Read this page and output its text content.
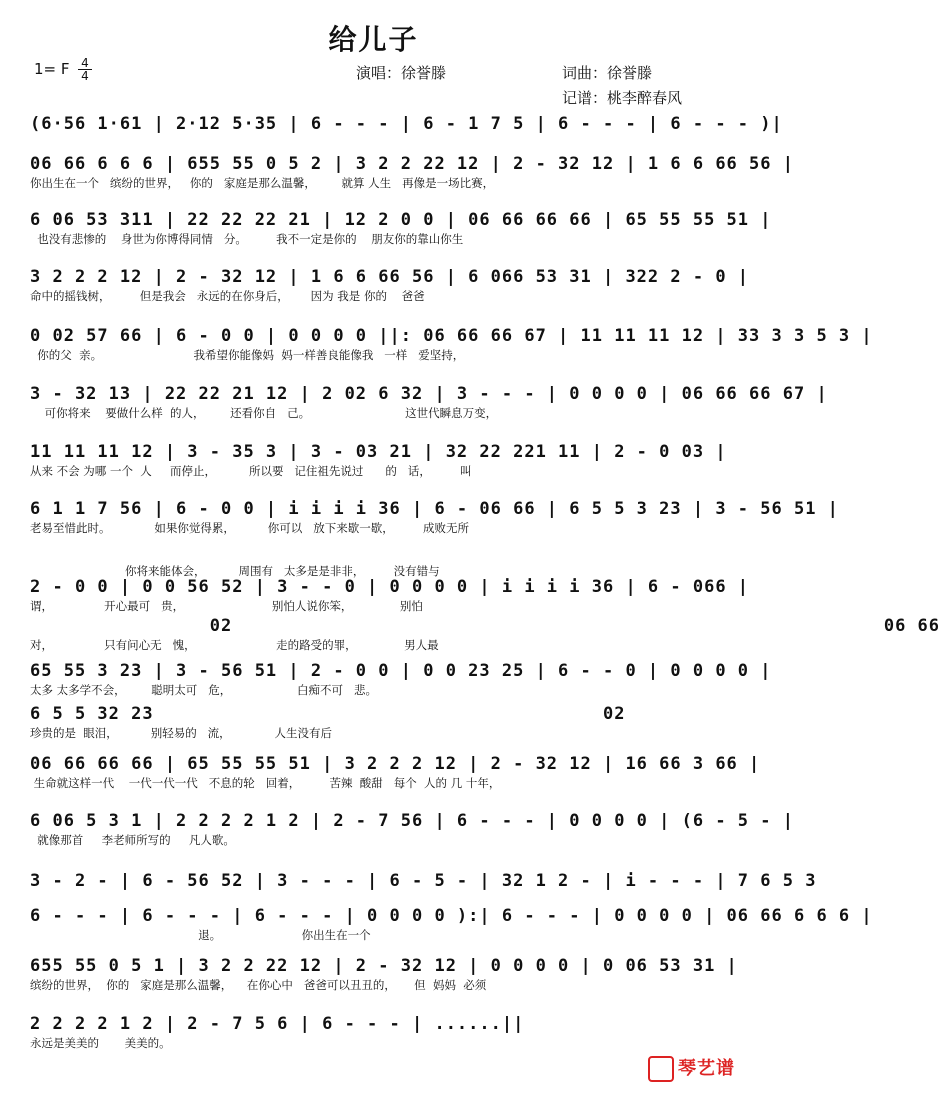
给儿子
1= F 4
4	演唱：徐誉滕	词曲：徐誉滕
记谱：桃李醉春风
(6·56 1·61 | 2·12 5·35 | 6 - - - | 6 - 1 7 5 | 6 - - - | 6 - - - )|
06 66 6 6 6 | 655 55 0 5 2 | 3 2 2 22 12 | 2 - 32 12 | 1 6 6 66 56 |
你出生在一个   缤纷的世界，   你的   家庭是那么温馨，       就算 人生   再像是一场比赛，
6 06 53 311 | 22 22 22 21 | 12 2 0 0 | 06 66 66 66 | 65 55 55 51 |
也没有悲惨的    身世为你博得同情   分。        我不一定是你的    朋友你的靠山你生
3 2 2 2 12 | 2 - 32 12 | 1 6 6 66 56 | 6 066 53 31 | 322 2 - 0 |
命中的摇钱树，        但是我会   永远的在你身后，      因为 我是 你的    爸爸
0 02 57 66 | 6 - 0 0 | 0 0 0 0 ||: 06 66 66 67 | 11 11 11 12 | 33 3 3 5 3 |
你的父  亲。                         我希望你能像妈  妈一样善良能像我   一样   爱坚持，
3 - 32 13 | 22 22 21 12 | 2 02 6 32 | 3 - - - | 0 0 0 0 | 06 66 66 67 |
可你将来    要做什么样  的人，       还看你自   己。                          这世代瞬息万变，
11 11 11 12 | 3 - 35 3 | 3 - 03 21 | 32 22 221 11 | 2 - 0 03 |
从来 不会 为哪 一个  人     而停止，         所以要   记住祖先说过      的   话，        叫
6 1 1 7 56 | 6 - 0 0 | i i i i 36 | 6 - 06 66 | 6 5 5 3 23 | 3 - 56 51 |
老易至惜此时。            如果你觉得累，         你可以   放下来歇一歇，        成败无所
你将来能体会，         周围有   太多是是非非，        没有错与
2 - 0 0 | 0 0 56 52 | 3 - - 0 | 0 0 0 0 | i i i i 36 | 6 - 066 |
谓，              开心最可   贵，                        别怕人说你笨，             别怕
02                                                          06 66
对，              只有问心无   愧，                      走的路受的罪，             男人最
65 55 3 23 | 3 - 56 51 | 2 - 0 0 | 0 0 23 25 | 6 - - 0 | 0 0 0 0 |
太多 太多学不会，       聪明太可   危，                  白痴不可   悲。
6 5 5 32 23                                        02
珍贵的是  眼泪，         别轻易的   流，            人生没有后
06 66 66 66 | 65 55 55 51 | 3 2 2 2 12 | 2 - 32 12 | 16 66 3 66 |
生命就这样一代    一代一代一代   不息的轮   回着，        苦辣  酸甜   每个  人的 几 十年，
6 06 5 3 1 | 2 2 2 2 1 2 | 2 - 7 56 | 6 - - - | 0 0 0 0 | (6 - 5 - |
就像那首     李老师所写的     凡人歌。
3 - 2 - | 6 - 56 52 | 3 - - - | 6 - 5 - | 32 1 2 - | i - - - | 7 6 5 3
6 - - - | 6 - - - | 6 - - - | 0 0 0 0 ):| 6 - - - | 0 0 0 0 | 06 66 6 6 6 |
退。                      你出生在一个
655 55 0 5 1 | 3 2 2 22 12 | 2 - 32 12 | 0 0 0 0 | 0 06 53 31 |
缤纷的世界，  你的   家庭是那么温馨，    在你心中   爸爸可以丑丑的，     但  妈妈  必须
2 2 2 2 1 2 | 2 - 7 5 6 | 6 - - - | ......||
永远是美美的       美美的。
琴艺谱
